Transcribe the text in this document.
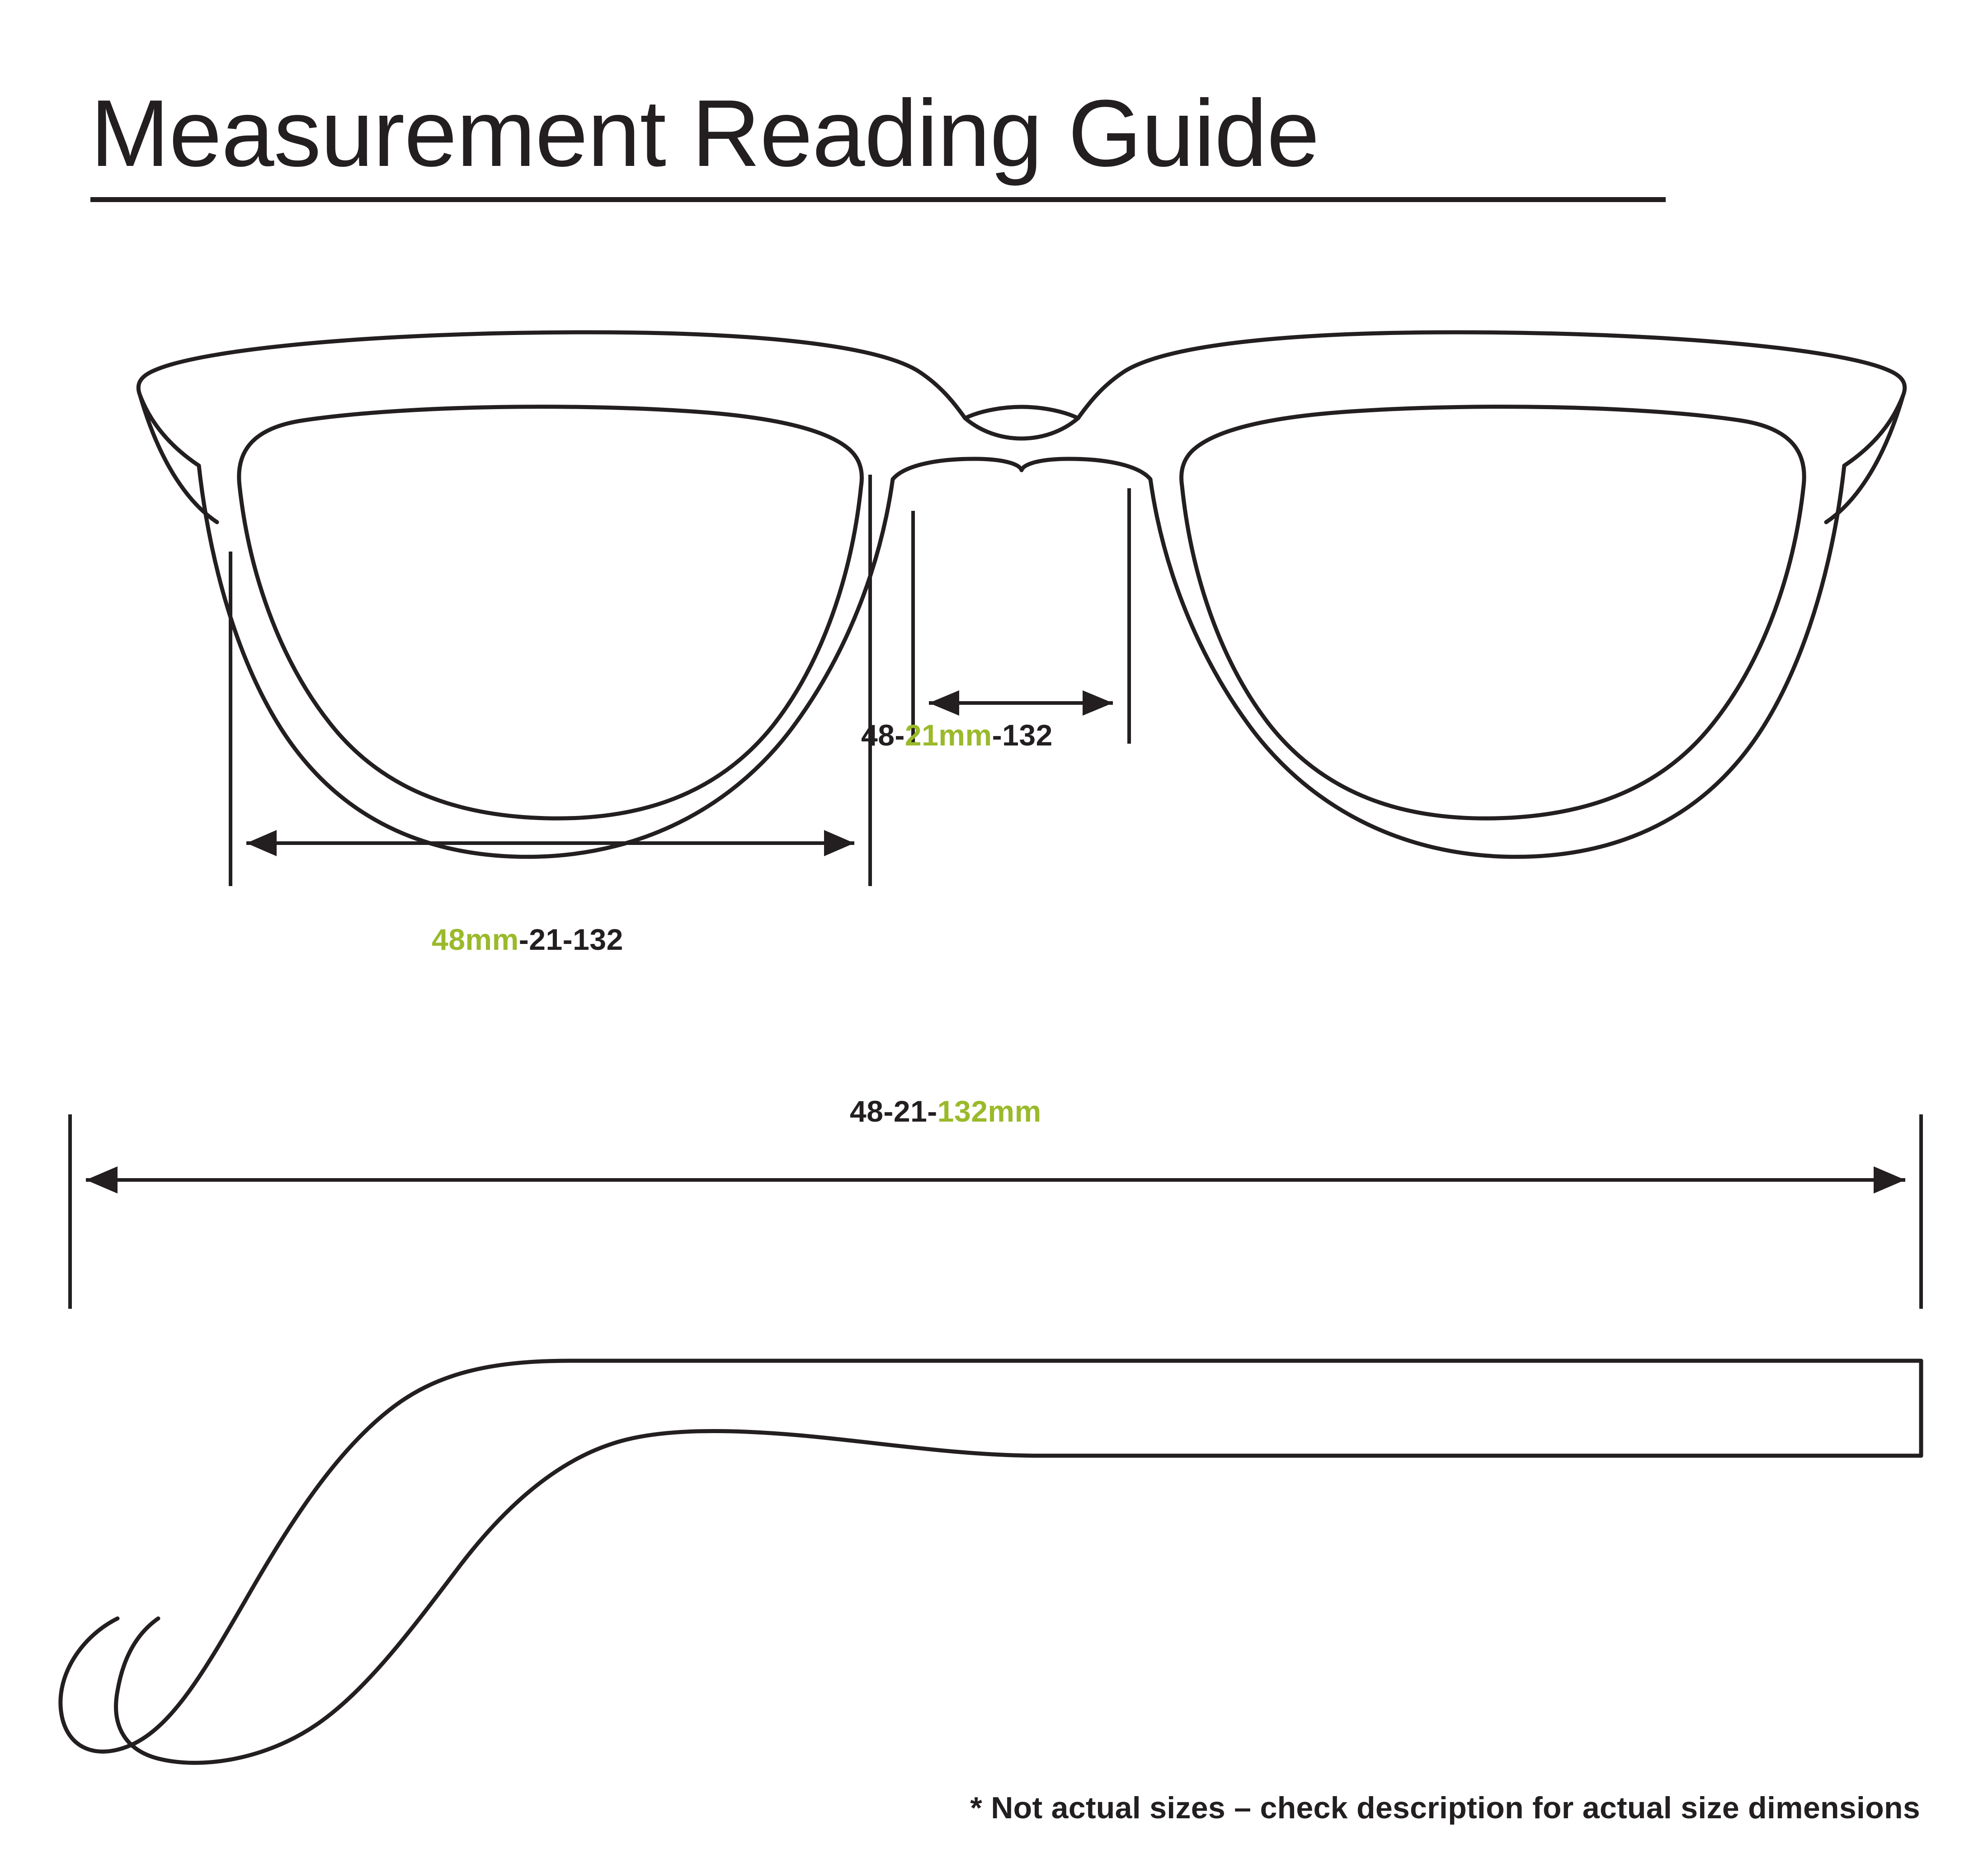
Measurement Reading Guide
48-21mm-132
48mm-21-132
48-21-132mm
* Not actual sizes – check description for actual size dimensions
